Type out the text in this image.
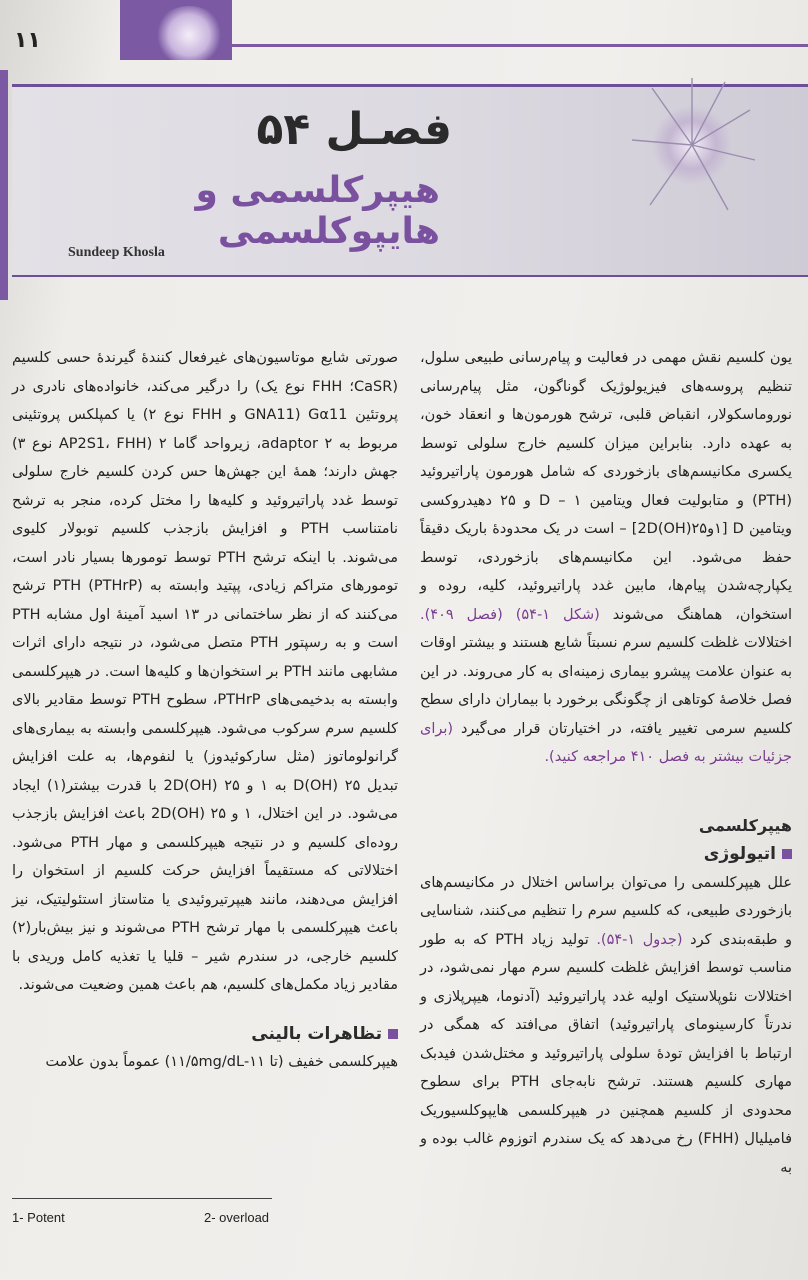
۱۱
فصـل ۵۴
هیپرکلسمی و هایپوکلسمی
Sundeep Khosla

یون کلسیم نقش مهمی در فعالیت و پیام‌رسانی طبیعی سلول، تنظیم پروسه‌های فیزیولوژیک گوناگون، مثل پیام‌رسانی نوروماسکولار، انقباض قلبی، ترشح هورمون‌ها و انعقاد خون، به عهده دارد. بنابراین میزان کلسیم خارج سلولی توسط یکسری مکانیسم‌های بازخوردی که شامل هورمون پاراتیروئید (PTH) و متابولیت فعال ویتامین D – ۱ و ۲۵ دهیدروکسی ویتامین D [۱و۲۵(OH)2D] – است در یک محدودهٔ باریک دقیقاً حفظ می‌شود. این مکانیسم‌های بازخوردی، توسط یکپارچه‌شدن پیام‌ها، مابین غدد پاراتیروئید، کلیه، روده و استخوان، هماهنگ می‌شوند (شکل ۱-۵۴) (فصل ۴۰۹). اختلالات غلظت کلسیم سرم نسبتاً شایع هستند و بیشتر اوقات به عنوان علامت پیشرو بیماری زمینه‌ای به کار می‌روند. در این فصل خلاصهٔ کوتاهی از چگونگی برخورد با بیماران دارای سطح کلسیم سرمی تغییر یافته، در اختیارتان قرار می‌گیرد (برای جزئیات بیشتر به فصل ۴۱۰ مراجعه کنید).

هیپرکلسمی
اتیولوژی

علل هیپرکلسمی را می‌توان براساس اختلال در مکانیسم‌های بازخوردی طبیعی، که کلسیم سرم را تنظیم می‌کنند، شناسایی و طبقه‌بندی کرد (جدول ۱-۵۴). تولید زیاد PTH که به طور مناسب توسط افزایش غلظت کلسیم سرم مهار نمی‌شود، در اختلالات نئوپلاستیک اولیه غدد پاراتیروئید (آدنوما، هیپرپلازی و ندرتاً کارسینومای پاراتیروئید) اتفاق می‌افتد که همگی در ارتباط با افزایش تودهٔ سلولی پاراتیروئید و مختل‌شدن فیدبک مهاری کلسیم هستند. ترشح نابه‌جای PTH برای سطوح محدودی از کلسیم همچنین در هیپرکلسمی هایپوکلسیوریک فامیلیال (FHH) رخ می‌دهد که یک سندرم اتوزوم غالب بوده و به

صورتی شایع موتاسیون‌های غیرفعال کنندهٔ گیرندهٔ حسی کلسیم (CaSR؛ FHH نوع یک) را درگیر می‌کند، خانواده‌های نادری در پروتئین Gα11 (GNA11 و FHH نوع ۲) یا کمپلکس پروتئینی مربوط به adaptor ۲، زیرواحد گاما ۲ (AP2S1، FHH نوع ۳) جهش دارند؛ همهٔ این جهش‌ها حس کردن کلسیم خارج سلولی توسط غدد پاراتیروئید و کلیه‌ها را مختل کرده، منجر به ترشح نامتناسب PTH و افزایش بازجذب کلسیم توبولار کلیوی می‌شوند. با اینکه ترشح PTH توسط تومورها بسیار نادر است، تومورهای متراکم زیادی، پپتید وابسته به PTH (PTHrP) ترشح می‌کنند که از نظر ساختمانی در ۱۳ اسید آمینهٔ اول مشابه PTH است و به رسپتور PTH متصل می‌شود، در نتیجه دارای اثرات مشابهی مانند PTH بر استخوان‌ها و کلیه‌ها است. در هیپرکلسمی وابسته به بدخیمی‌های PTHrP، سطوح PTH توسط مقادیر بالای کلسیم سرم سرکوب می‌شود. هیپرکلسمی وابسته به بیماری‌های گرانولوماتوز (مثل سارکوئیدوز) یا لنفوم‌ها، به علت افزایش تبدیل ۲۵ (OH)D به ۱ و ۲۵ (OH)2D با قدرت بیشتر(۱) ایجاد می‌شود. در این اختلال، ۱ و ۲۵ (OH)2D باعث افزایش بازجذب روده‌ای کلسیم و در نتیجه هیپرکلسمی و مهار PTH می‌شود. اختلالاتی که مستقیماً افزایش حرکت کلسیم از استخوان را افزایش می‌دهند، مانند هیپرتیروئیدی یا متاستاز استئولیتیک، نیز باعث هیپرکلسمی با مهار ترشح PTH می‌شوند و نیز بیش‌بار(۲) کلسیم خارجی، در سندرم شیر – قلیا یا تغذیه کامل وریدی با مقادیر زیاد مکمل‌های کلسیم، هم باعث همین وضعیت می‌شوند.

تظاهرات بالینی

هیپرکلسمی خفیف (تا ۱۱-۱۱/۵mg/dL) عموماً بدون علامت

1- Potent	2- overload
